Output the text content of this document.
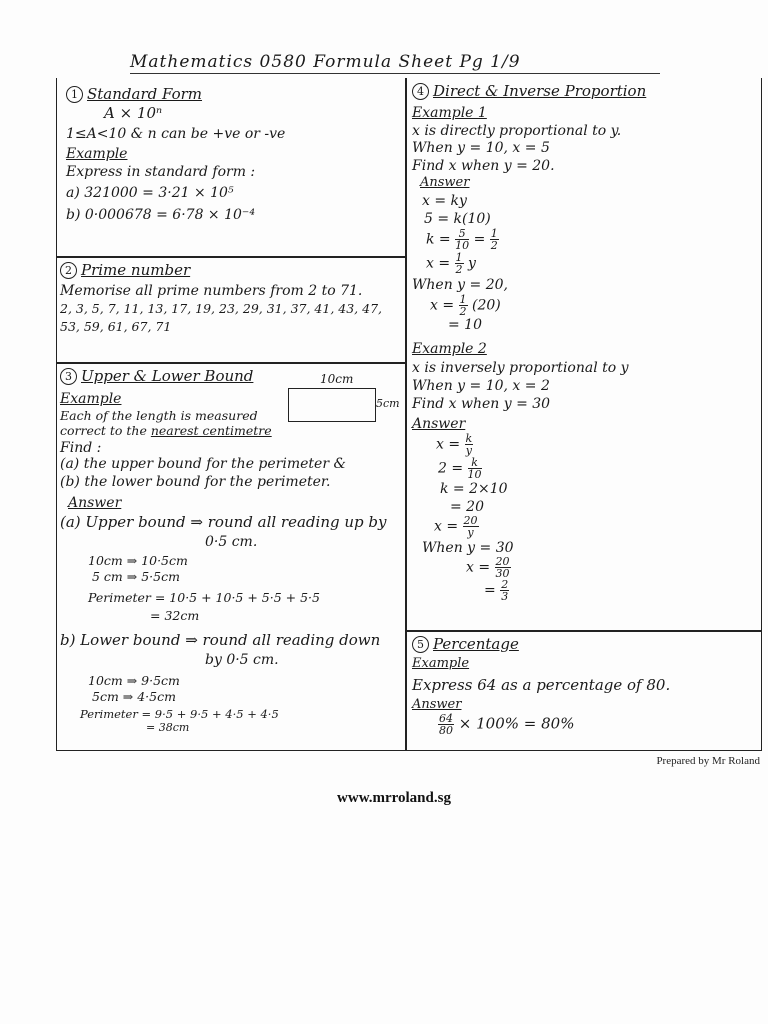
Mathematics 0580 Formula Sheet Pg 1/9
1 Standard Form
A × 10ⁿ
1≤A<10 & n can be +ve or -ve
Example
Express in standard form :
a) 321000 = 3·21 × 10⁵
b) 0·000678 = 6·78 × 10⁻⁴
2 Prime number
Memorise all prime numbers from 2 to 71.
2, 3, 5, 7, 11, 13, 17, 19, 23, 29, 31, 37, 41, 43, 47,
53, 59, 61, 67, 71
3 Upper & Lower Bound
Example
Each of the length is measured
correct to the nearest centimetre
Find :
(a) the upper bound for the perimeter &
(b) the lower bound for the perimeter.
Answer
(a) Upper bound ⇒ round all reading up by
0·5 cm.
10cm ⇒ 10·5cm
5 cm ⇒ 5·5cm
Perimeter = 10·5 + 10·5 + 5·5 + 5·5
= 32cm
b) Lower bound ⇒ round all reading down
by 0·5 cm.
10cm ⇒ 9·5cm
5cm ⇒ 4·5cm
Perimeter = 9·5 + 9·5 + 4·5 + 4·5
= 38cm
10cm
5cm
4 Direct & Inverse Proportion
Example 1
x is directly proportional to y.
When y = 10, x = 5
Find x when y = 20.
Answer
x = ky
5 = k(10)
$k = \frac{5}{10} = \frac{1}{2}$
$x = \frac{1}{2}$ y
When y = 20,
$x = \frac{1}{2} (20)$
= 10
Example 2
x is inversely proportional to y
When y = 10, x = 2
Find x when y = 30
Answer
$x = \frac{k}{y}$
$2 = \frac{k}{10}$
k = 2×10
= 20
$x = \frac{20}{y}$
When y = 30
$x = \frac{20}{30}$
= $\frac{2}{3}$
5 Percentage
Example
Express 64 as a percentage of 80.
Answer
$\frac{64}{80} \times 100\% = 80\%$
Prepared by Mr Roland
www.mrroland.sg
